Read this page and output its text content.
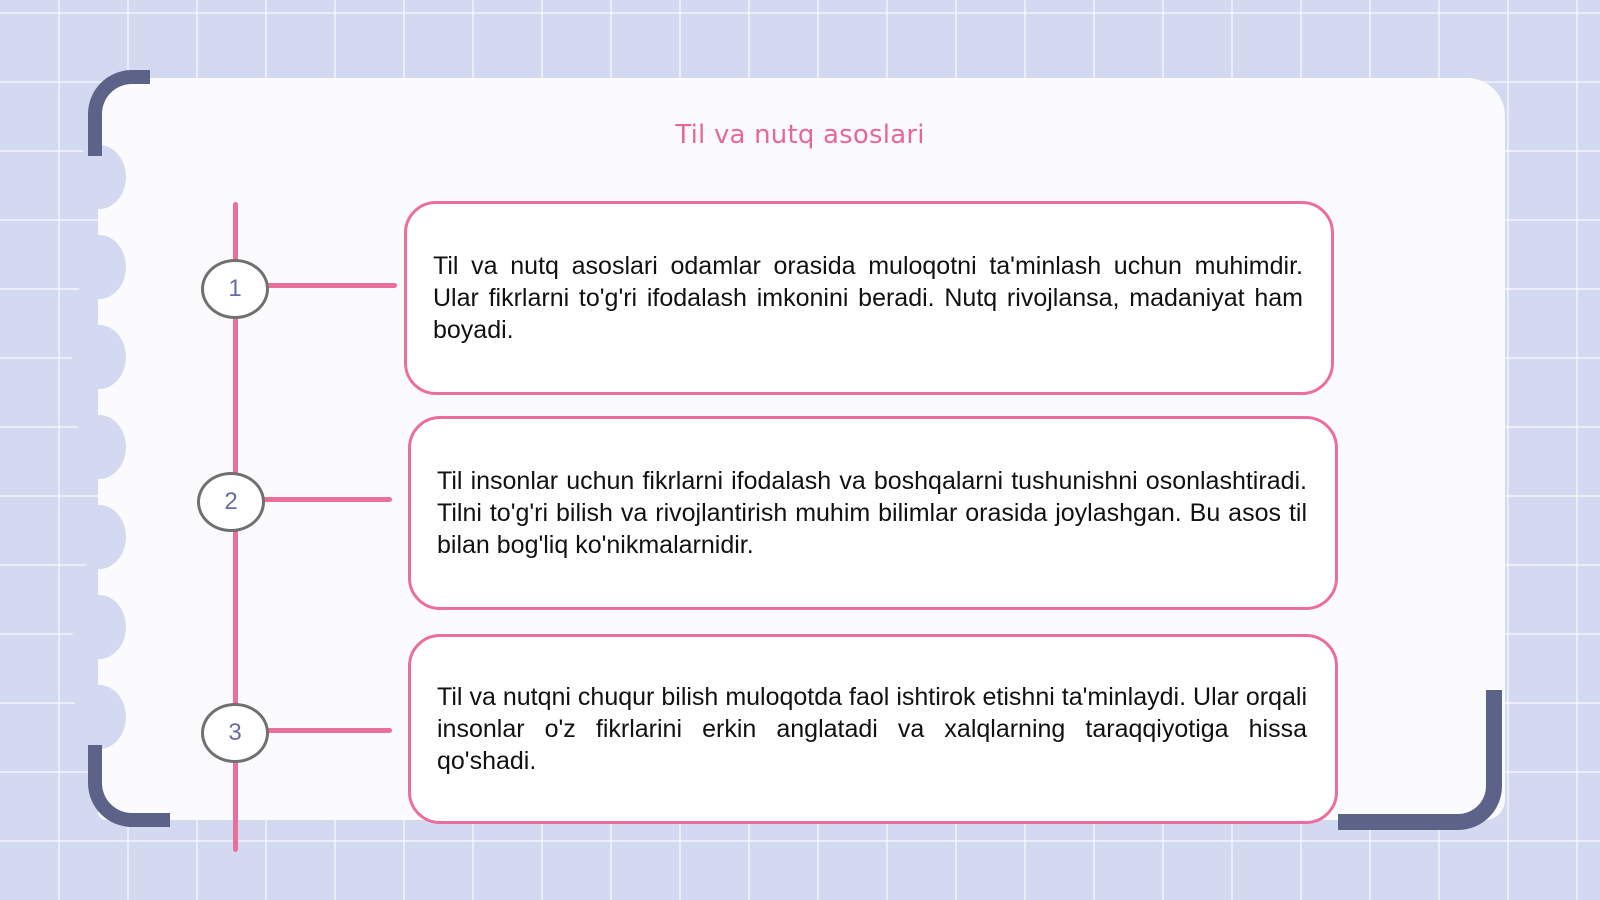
Til va nutq asoslari
1
2
3

Til va nutq asoslari odamlar orasida muloqotni ta'minlash uchun muhimdir. Ular fikrlarni to'g'ri ifodalash imkonini beradi. Nutq rivojlansa, madaniyat ham boyadi.

Til insonlar uchun fikrlarni ifodalash va boshqalarni tushunishni osonlashtiradi. Tilni to'g'ri bilish va rivojlantirish muhim bilimlar orasida joylashgan. Bu asos til bilan bog'liq ko'nikmalarnidir.

Til va nutqni chuqur bilish muloqotda faol ishtirok etishni ta'minlaydi. Ular orqali insonlar o'z fikrlarini erkin anglatadi va xalqlarning taraqqiyotiga hissa qo'shadi.
